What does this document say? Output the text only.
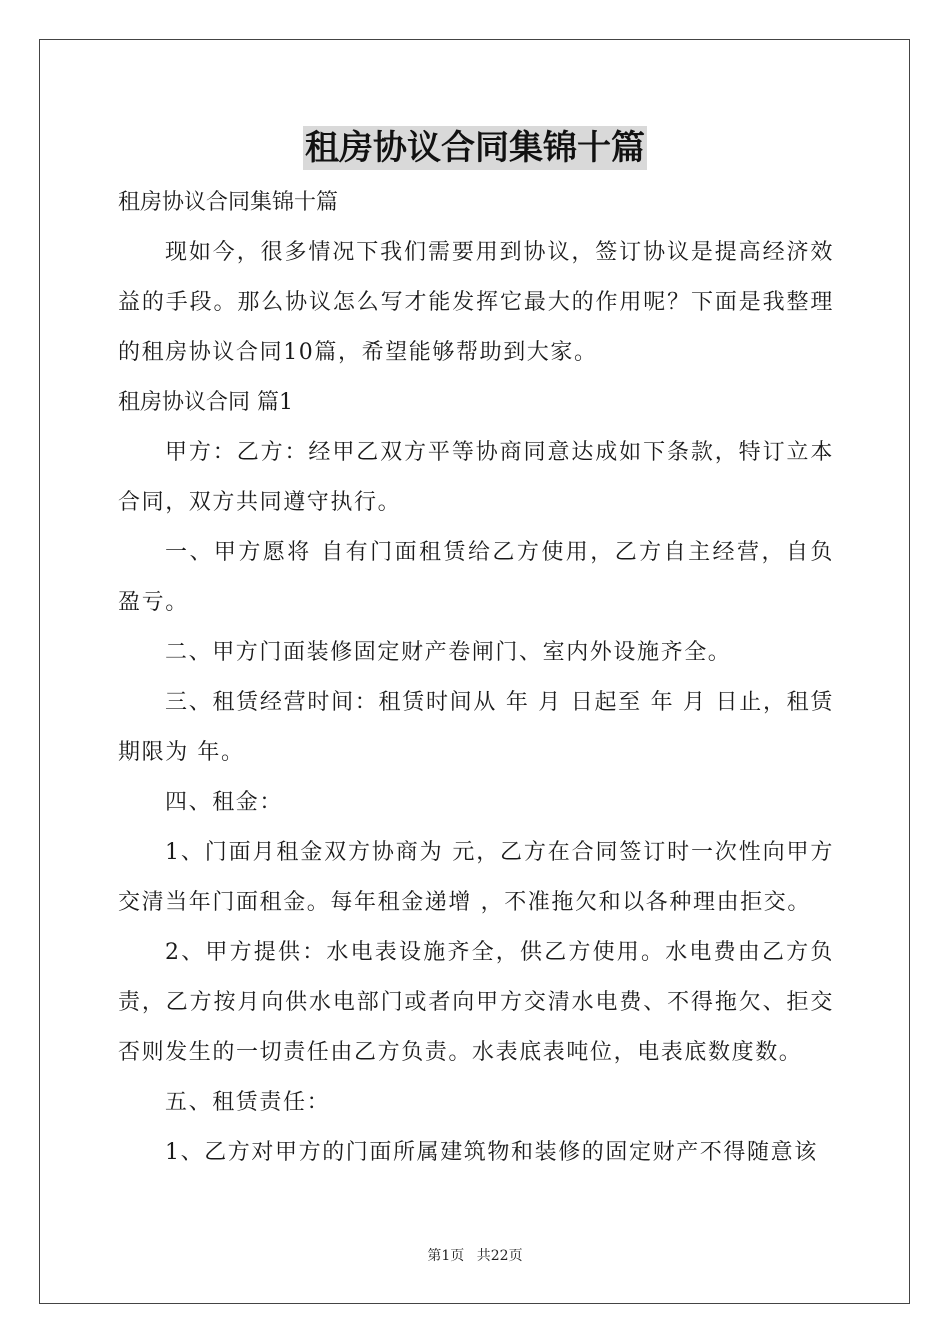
租房协议合同集锦十篇
租房协议合同集锦十篇

现如今，很多情况下我们需要用到协议，签订协议是提高经济效益的手段。那么协议怎么写才能发挥它最大的作用呢？下面是我整理的租房协议合同10篇，希望能够帮助到大家。

租房协议合同 篇1

甲方：乙方：经甲乙双方平等协商同意达成如下条款，特订立本合同，双方共同遵守执行。

一、甲方愿将 自有门面租赁给乙方使用，乙方自主经营，自负盈亏。

二、甲方门面装修固定财产卷闸门、室内外设施齐全。

三、租赁经营时间：租赁时间从 年 月 日起至 年 月 日止，租赁期限为 年。

四、租金：

1、门面月租金双方协商为 元，乙方在合同签订时一次性向甲方交清当年门面租金。每年租金递增 ，不准拖欠和以各种理由拒交。

2、甲方提供：水电表设施齐全，供乙方使用。水电费由乙方负责，乙方按月向供水电部门或者向甲方交清水电费、不得拖欠、拒交否则发生的一切责任由乙方负责。水表底表吨位，电表底数度数。

五、租赁责任：

1、乙方对甲方的门面所属建筑物和装修的固定财产不得随意该

第1页 共22页
